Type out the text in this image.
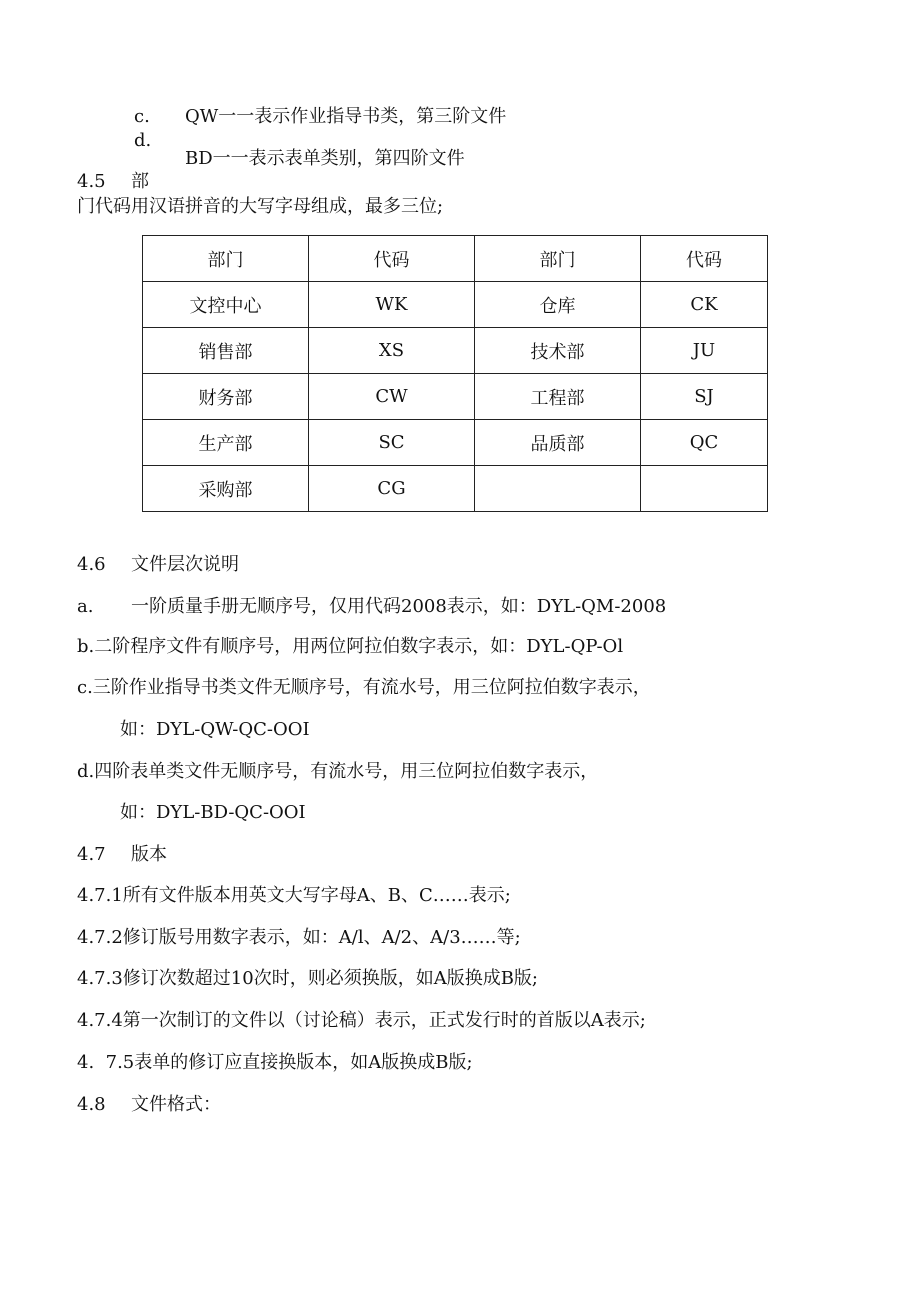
c. QW一一表示作业指导书类，第三阶文件
d.
BD一一表示表单类别，第四阶文件
4.5 部
门代码用汉语拼音的大写字母组成，最多三位;
部门	代码	部门	代码
文控中心	WK	仓库	CK
销售部	XS	技术部	JU
财务部	CW	工程部	SJ
生产部	SC	品质部	QC
采购部	CG		
4.6 文件层次说明
a. 一阶质量手册无顺序号，仅用代码2008表示，如：DYL-QM-2008
b.二阶程序文件有顺序号，用两位阿拉伯数字表示，如：DYL-QP-Ol
c.三阶作业指导书类文件无顺序号，有流水号，用三位阿拉伯数字表示，
如：DYL-QW-QC-OOI
d.四阶表单类文件无顺序号，有流水号，用三位阿拉伯数字表示，
如：DYL-BD-QC-OOI
4.7 版本
4.7.1所有文件版本用英文大写字母A、B、C……表示;
4.7.2修订版号用数字表示，如：A/l、A/2、A/3……等;
4.7.3修订次数超过10次时，则必须换版，如A版换成B版;
4.7.4第一次制订的文件以（讨论稿）表示，正式发行时的首版以A表示;
4.  7.5表单的修订应直接换版本，如A版换成B版;
4.8 文件格式：
